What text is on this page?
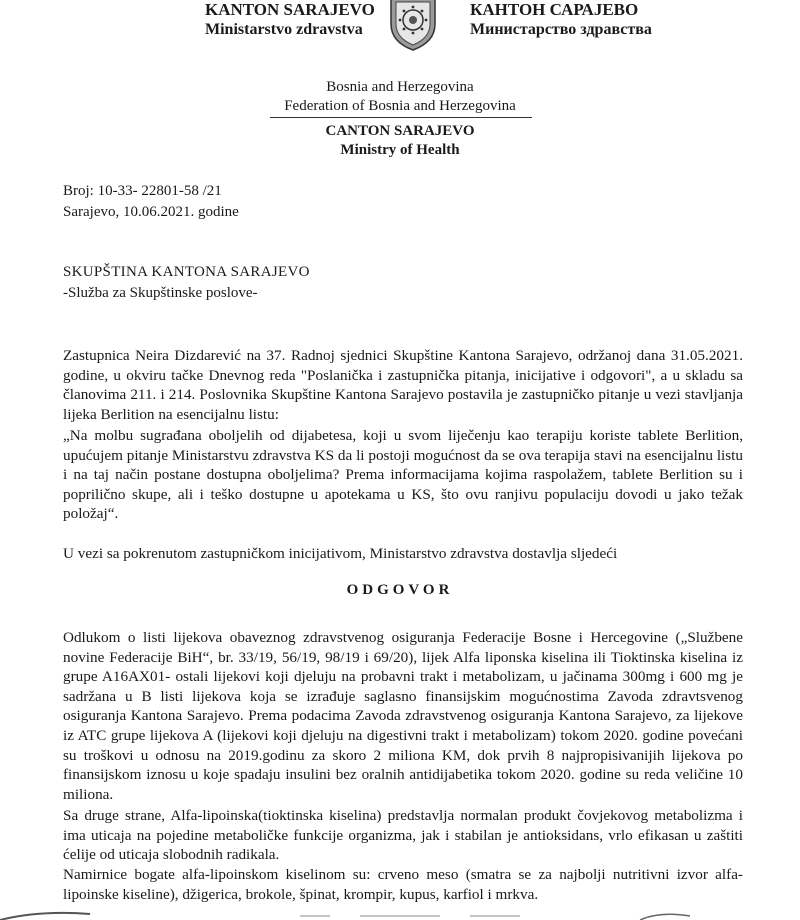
KANTON SARAJEVO
Ministarstvo zdravstva
КАНТОН САРАЈЕВО
Министарство здравства
Bosnia and Herzegovina
Federation of Bosnia and Herzegovina
CANTON SARAJEVO
Ministry of Health
Broj: 10-33- 22801-58 /21
Sarajevo, 10.06.2021. godine
SKUPŠTINA KANTONA SARAJEVO
-Služba za Skupštinske poslove-
Zastupnica Neira Dizdarević na 37. Radnoj sjednici Skupštine Kantona Sarajevo, održanoj dana 31.05.2021. godine, u okviru tačke Dnevnog reda "Poslanička i zastupnička pitanja, inicijative i odgovori", a u skladu sa članovima 211. i 214. Poslovnika Skupštine Kantona Sarajevo postavila je zastupničko pitanje u vezi stavljanja lijeka Berlition na esencijalnu listu:
„Na molbu sugrađana oboljelih od dijabetesa, koji u svom liječenju kao terapiju koriste tablete Berlition, upućujem pitanje Ministarstvu zdravstva KS da li postoji mogućnost da se ova terapija stavi na esencijalnu listu i na taj način postane dostupna oboljelima? Prema informacijama kojima raspolažem, tablete Berlition su i poprilično skupe, ali i teško dostupne u apotekama u KS, što ovu ranjivu populaciju dovodi u jako težak položaj“.
U vezi sa pokrenutom zastupničkom inicijativom, Ministarstvo zdravstva dostavlja sljedeći
ODGOVOR
Odlukom o listi lijekova obaveznog zdravstvenog osiguranja Federacije Bosne i Hercegovine („Službene novine Federacije BiH“, br. 33/19, 56/19, 98/19 i 69/20), lijek Alfa liponska kiselina ili Tioktinska kiselina iz grupe A16AX01- ostali lijekovi koji djeluju na probavni trakt i metabolizam, u jačinama 300mg i 600 mg je sadržana u B listi lijekova koja se izrađuje saglasno finansijskim mogućnostima Zavoda zdravtsvenog osiguranja Kantona Sarajevo. Prema podacima Zavoda zdravstvenog osiguranja Kantona Sarajevo, za lijekove iz ATC grupe lijekova A (lijekovi koji djeluju na digestivni trakt i metabolizam) tokom 2020. godine povećani su troškovi u odnosu na 2019.godinu za skoro 2 miliona KM, dok prvih 8 najpropisivanijih lijekova po finansijskom iznosu u koje spadaju insulini bez oralnih antidijabetika tokom 2020. godine su reda veličine 10 miliona.
Sa druge strane, Alfa-lipoinska(tioktinska kiselina) predstavlja normalan produkt čovjekovog metabolizma i ima uticaja na pojedine metaboličke funkcije organizma, jak i stabilan je antioksidans, vrlo efikasan u zaštiti ćelije od uticaja slobodnih radikala.
Namirnice bogate alfa-lipoinskom kiselinom su: crveno meso (smatra se za najbolji nutritivni izvor alfa-lipoinske kiseline), džigerica, brokole, špinat, krompir, kupus, karfiol i mrkva.
